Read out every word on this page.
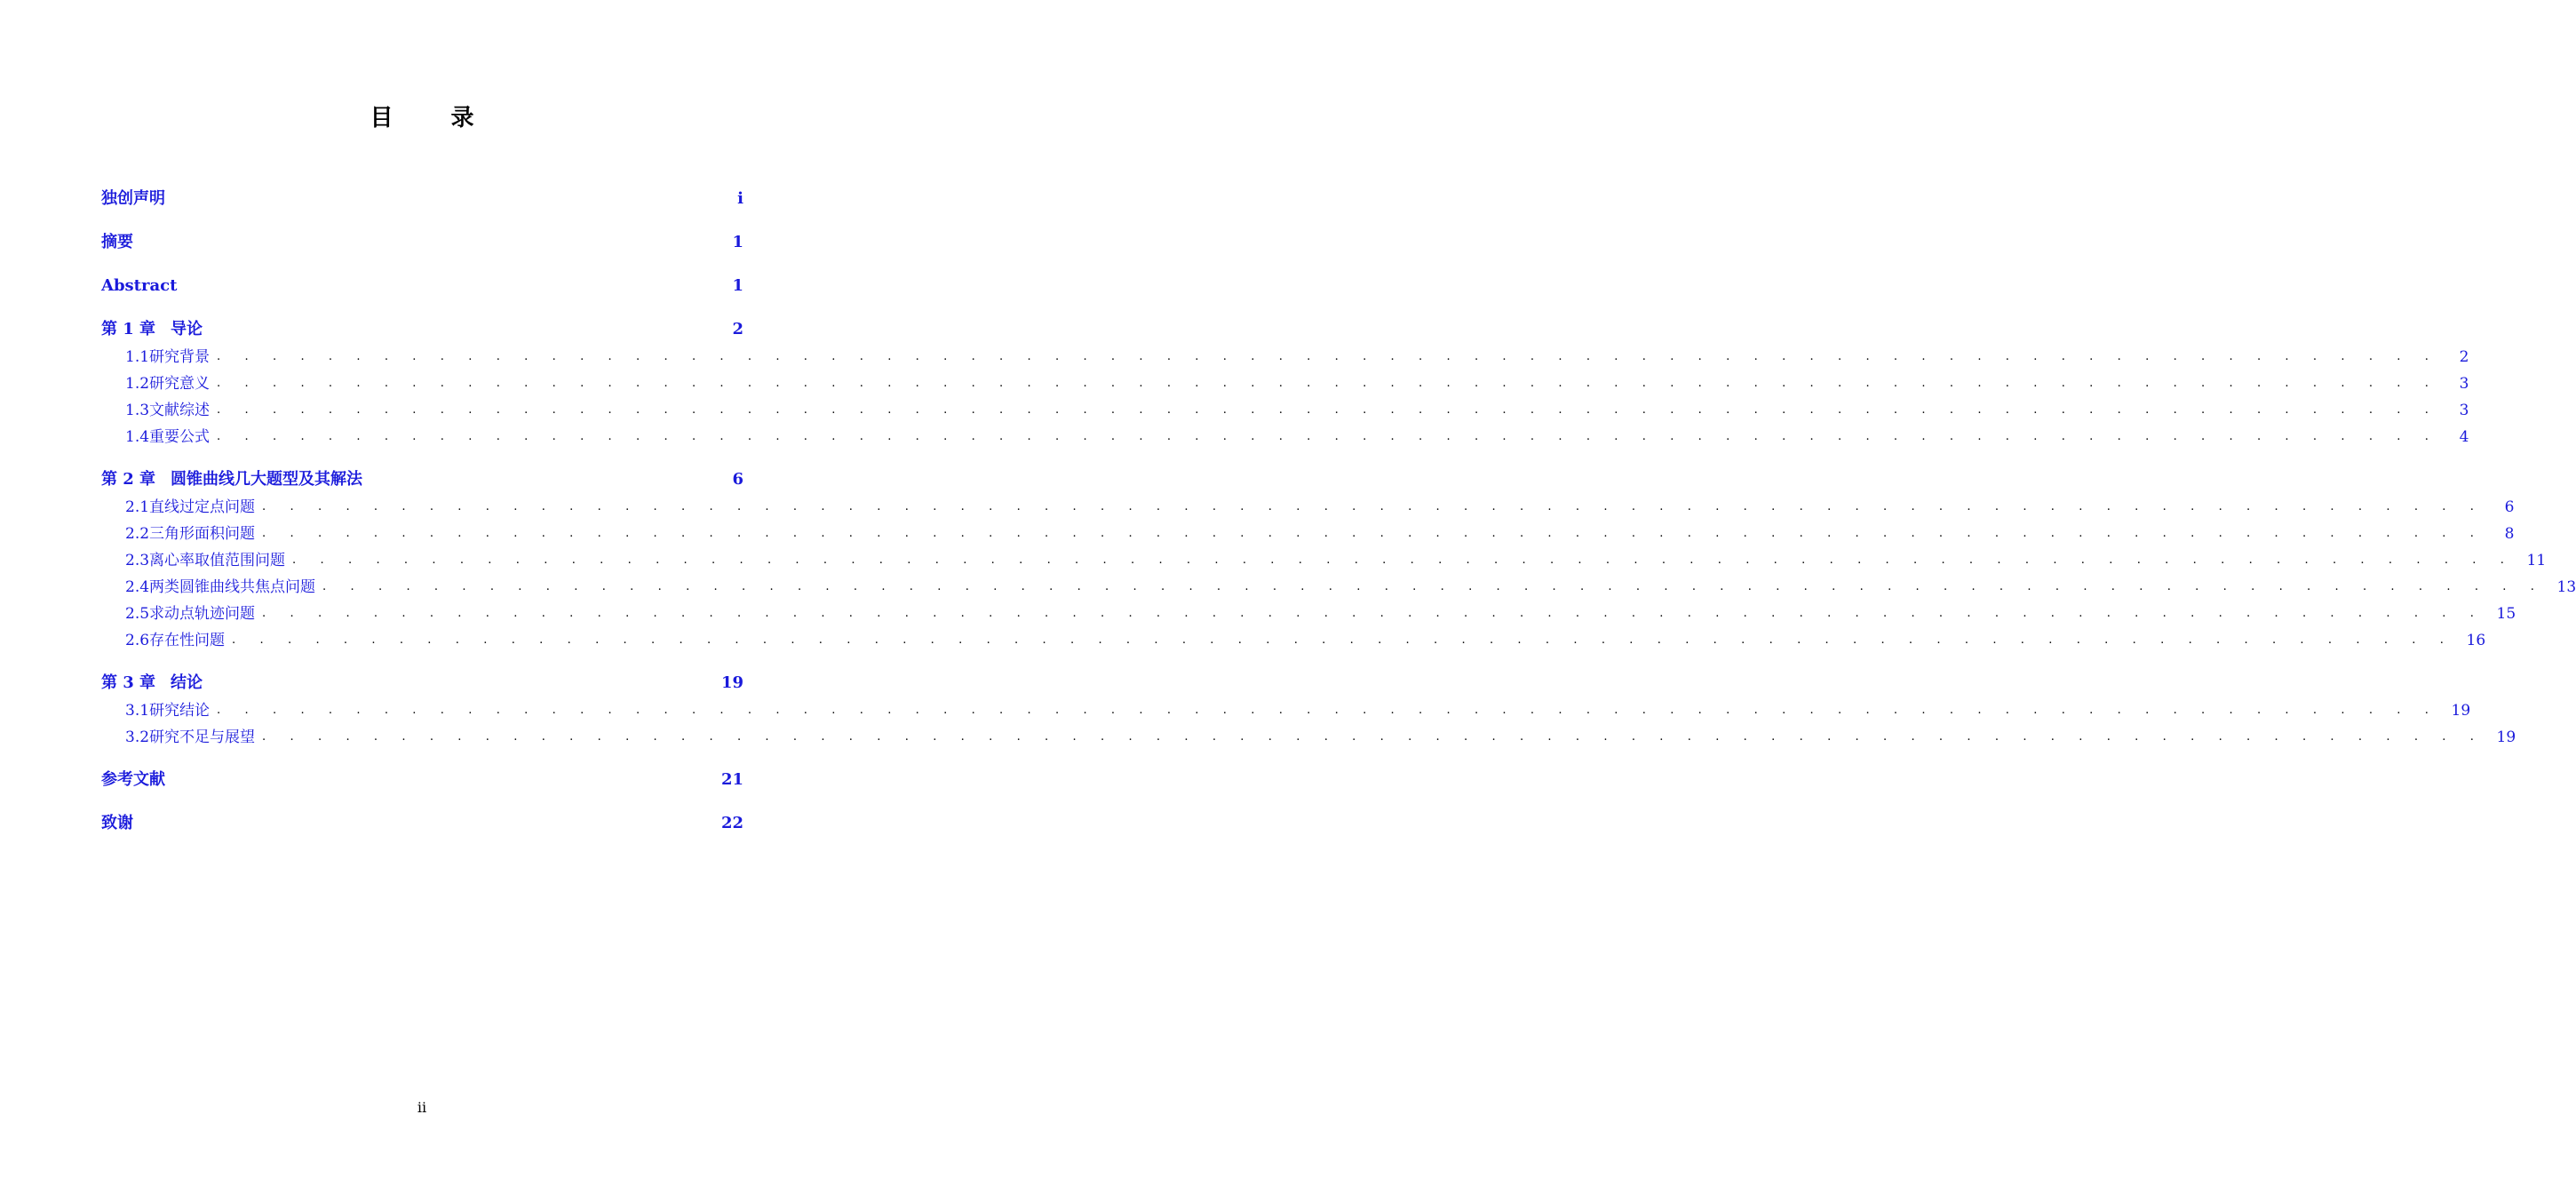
目 录
独创声明	i
摘要	1
Abstract	1
第 1 章 导论	2
1.1 研究背景 . . . . . . . . . . . . . . . . . . . . . . . . . . . . . . . . . . . . . . . . . . . . . . . . . . . . . . . . . . . . . . . . . . . . . . . . . . . . . . . .	2
1.2 研究意义 . . . . . . . . . . . . . . . . . . . . . . . . . . . . . . . . . . . . . . . . . . . . . . . . . . . . . . . . . . . . . . . . . . . . . . . . . . . . . . . .	3
1.3 文献综述 . . . . . . . . . . . . . . . . . . . . . . . . . . . . . . . . . . . . . . . . . . . . . . . . . . . . . . . . . . . . . . . . . . . . . . . . . . . . . . . .	3
1.4 重要公式 . . . . . . . . . . . . . . . . . . . . . . . . . . . . . . . . . . . . . . . . . . . . . . . . . . . . . . . . . . . . . . . . . . . . . . . . . . . . . . . .	4
第 2 章 圆锥曲线几大题型及其解法	6
2.1 直线过定点问题 . . . . . . . . . . . . . . . . . . . . . . . . . . . . . . . . . . . . . . . . . . . . . . . . . . . . . . . . . . . . . . . . . . . . . . . . . . . . . . . .	6
2.2 三角形面积问题 . . . . . . . . . . . . . . . . . . . . . . . . . . . . . . . . . . . . . . . . . . . . . . . . . . . . . . . . . . . . . . . . . . . . . . . . . . . . . . . .	8
2.3 离心率取值范围问题 . . . . . . . . . . . . . . . . . . . . . . . . . . . . . . . . . . . . . . . . . . . . . . . . . . . . . . . . . . . . . . . . . . . . . . . . . . . . . . . . 11
2.4 两类圆锥曲线共焦点问题 . . . . . . . . . . . . . . . . . . . . . . . . . . . . . . . . . . . . . . . . . . . . . . . . . . . . . . . . . . . . . . . . . . . . . . . . . . . . . . . . 13
2.5 求动点轨迹问题 . . . . . . . . . . . . . . . . . . . . . . . . . . . . . . . . . . . . . . . . . . . . . . . . . . . . . . . . . . . . . . . . . . . . . . . . . . . . . . . . 15
2.6 存在性问题 . . . . . . . . . . . . . . . . . . . . . . . . . . . . . . . . . . . . . . . . . . . . . . . . . . . . . . . . . . . . . . . . . . . . . . . . . . . . . . . . 16
第 3 章 结论	19
3.1 研究结论 . . . . . . . . . . . . . . . . . . . . . . . . . . . . . . . . . . . . . . . . . . . . . . . . . . . . . . . . . . . . . . . . . . . . . . . . . . . . . . . . 19
3.2 研究不足与展望 . . . . . . . . . . . . . . . . . . . . . . . . . . . . . . . . . . . . . . . . . . . . . . . . . . . . . . . . . . . . . . . . . . . . . . . . . . . . . . . . 19
参考文献	21
致谢	22
ii
